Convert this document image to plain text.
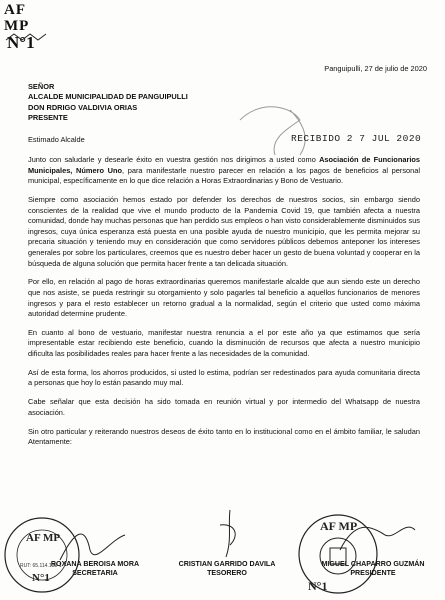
AF MP
N°1
Panguipulli, 27 de julio de 2020
SEÑOR
ALCALDE MUNICIPALIDAD DE PANGUIPULLI
DON RDRIGO VALDIVIA ORIAS
PRESENTE
RECIBIDO 2 7 JUL 2020
Estimado Alcalde

Junto con saludarle y desearle éxito en vuestra gestión nos dirigimos a usted como Asociación de Funcionarios Municipales, Número Uno, para manifestarle nuestro parecer en relación a los pagos de beneficios al personal municipal, específicamente en lo que dice relación a Horas Extraordinarias y Bono de Vestuario.

Siempre como asociación hemos estado por defender los derechos de nuestros socios, sin embargo siendo conscientes de la realidad que vive el mundo producto de la Pandemia Covid 19, que también afecta a nuestra comunidad, donde hay muchas personas que han perdido sus empleos o han visto considerablemente disminuidos sus ingresos, cuya única esperanza está puesta en una posible ayuda de nuestro municipio, que les permita mejorar su precaria situación y teniendo muy en consideración que como servidores públicos debemos anteponer los intereses generales por sobre los particulares, creemos que es nuestro deber hacer un gesto de buena voluntad y cooperar en la búsqueda de alguna solución que permita hacer frente a tan delicada situación.

Por ello, en relación al pago de horas extraordinarias queremos manifestarle alcalde que aun siendo este un derecho que nos asiste, se pueda restringir su otorgamiento y solo pagarles tal beneficio a aquellos funcionarios de menores ingresos y para el resto establecer un retorno gradual a la normalidad, según el criterio que usted como máxima autoridad determine prudente.

En cuanto al bono de vestuario, manifestar nuestra renuncia a el por este año ya que estimamos que sería impresentable estar recibiendo este beneficio, cuando la disminución de recursos que afecta a nuestro municipio dificulta las posibilidades reales para hacer frente a las necesidades de la comunidad.

Así de esta forma, los ahorros producidos, si usted lo estima, podrían ser redestinados para ayuda comunitaria directa a personas que hoy lo están pasando muy mal.

Cabe señalar que esta decisión ha sido tomada en reunión virtual y por intermedio del Whatsapp de nuestra asociación.

Sin otro particular y reiterando nuestros deseos de éxito tanto en lo institucional como en el ámbito familiar, le saludan Atentamente:

AF MP
N°1
RUT: 65.114.133-1
AF MP
N°1
ROXANA BEROISA MORA
SECRETARIA
CRISTIAN GARRIDO DAVILA
TESORERO
MIGUEL CHAPARRO GUZMÁN
PRESIDENTE
